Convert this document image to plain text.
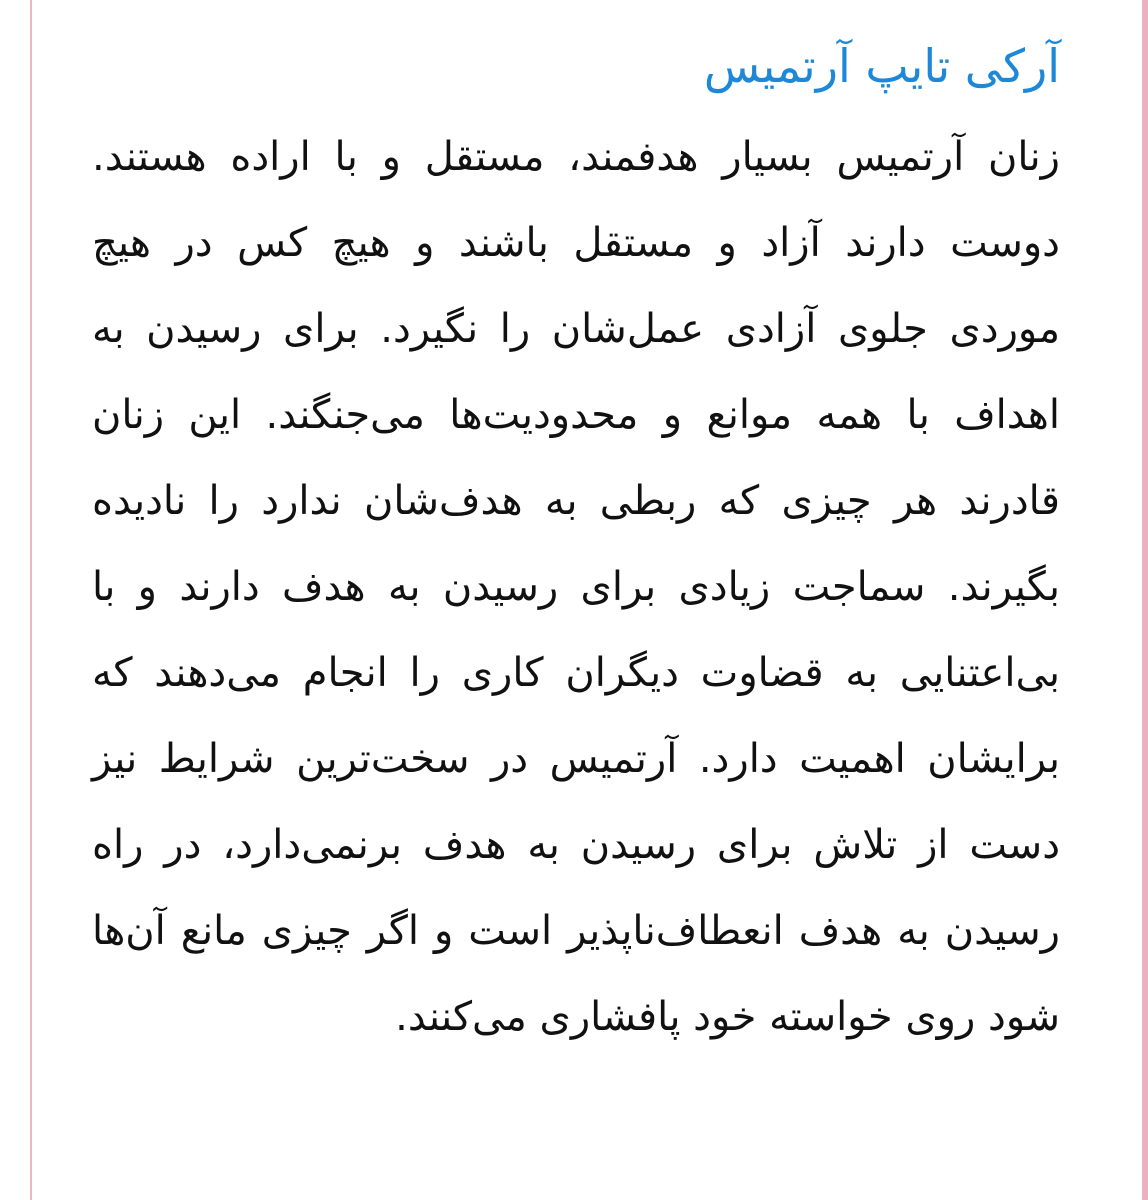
آرکی تایپ آرتمیس

زنان آرتمیس بسیار هدفمند، مستقل و با اراده هستند. دوست دارند آزاد و مستقل باشند و هیچ کس در هیچ موردی جلوی آزادی عمل‌شان را نگیرد. برای رسیدن به اهداف با همه موانع و محدودیت‌ها می‌جنگند. این زنان قادرند هر چیزی که ربطی به هدف‌شان ندارد را نادیده بگیرند. سماجت زیادی برای رسیدن به هدف دارند و با بی‌اعتنایی به قضاوت دیگران کاری را انجام می‌دهند که برایشان اهمیت دارد. آرتمیس در سخت‌ترین شرایط نیز دست از تلاش برای رسیدن به هدف برنمی‌دارد، در راه رسیدن به هدف انعطاف‌ناپذیر است و اگر چیزی مانع آن‌ها شود روی خواسته خود پافشاری می‌کنند.
